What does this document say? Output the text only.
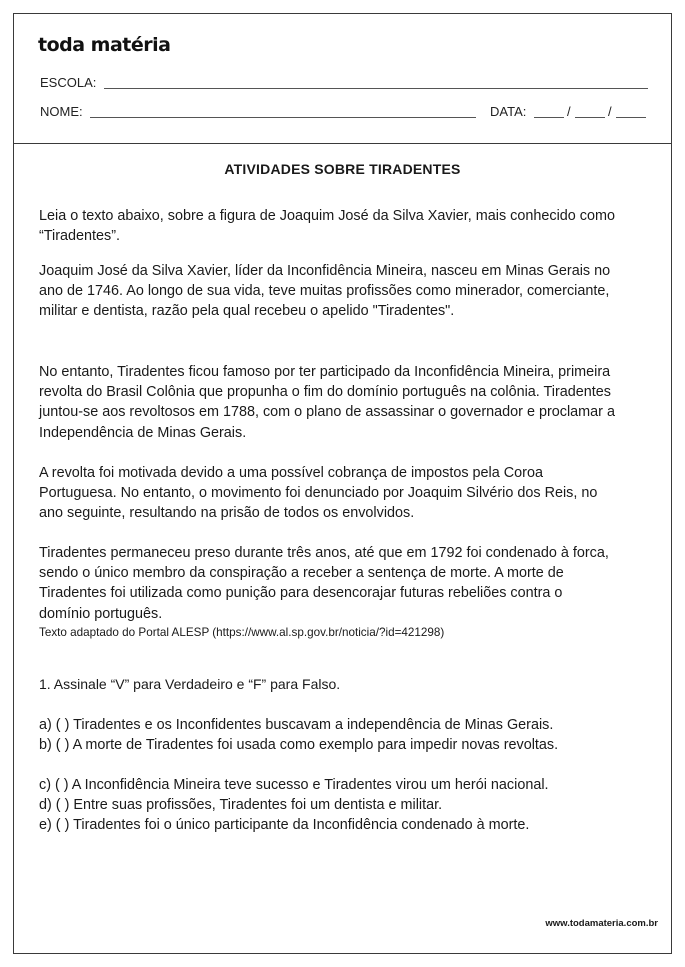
toda matéria
ESCOLA:
NOME:	DATA:	/	/
ATIVIDADES SOBRE TIRADENTES

Leia o texto abaixo, sobre a figura de Joaquim José da Silva Xavier, mais conhecido como “Tiradentes”.

Joaquim José da Silva Xavier, líder da Inconfidência Mineira, nasceu em Minas Gerais no ano de 1746. Ao longo de sua vida, teve muitas profissões como minerador, comerciante, militar e dentista, razão pela qual recebeu o apelido "Tiradentes".

No entanto, Tiradentes ficou famoso por ter participado da Inconfidência Mineira, primeira revolta do Brasil Colônia que propunha o fim do domínio português na colônia. Tiradentes juntou-se aos revoltosos em 1788, com o plano de assassinar o governador e proclamar a Independência de Minas Gerais.

A revolta foi motivada devido a uma possível cobrança de impostos pela Coroa Portuguesa. No entanto, o movimento foi denunciado por Joaquim Silvério dos Reis, no ano seguinte, resultando na prisão de todos os envolvidos.

Tiradentes permaneceu preso durante três anos, até que em 1792 foi condenado à forca, sendo o único membro da conspiração a receber a sentença de morte. A morte de Tiradentes foi utilizada como punição para desencorajar futuras rebeliões contra o domínio português.

Texto adaptado do Portal ALESP (https://www.al.sp.gov.br/noticia/?id=421298)
1. Assinale “V” para Verdadeiro e “F” para Falso.

a) ( ) Tiradentes e os Inconfidentes buscavam a independência de Minas Gerais.

b) ( ) A morte de Tiradentes foi usada como exemplo para impedir novas revoltas.

c) ( ) A Inconfidência Mineira teve sucesso e Tiradentes virou um herói nacional.

d) ( ) Entre suas profissões, Tiradentes foi um dentista e militar.

e) ( ) Tiradentes foi o único participante da Inconfidência condenado à morte.

www.todamateria.com.br
